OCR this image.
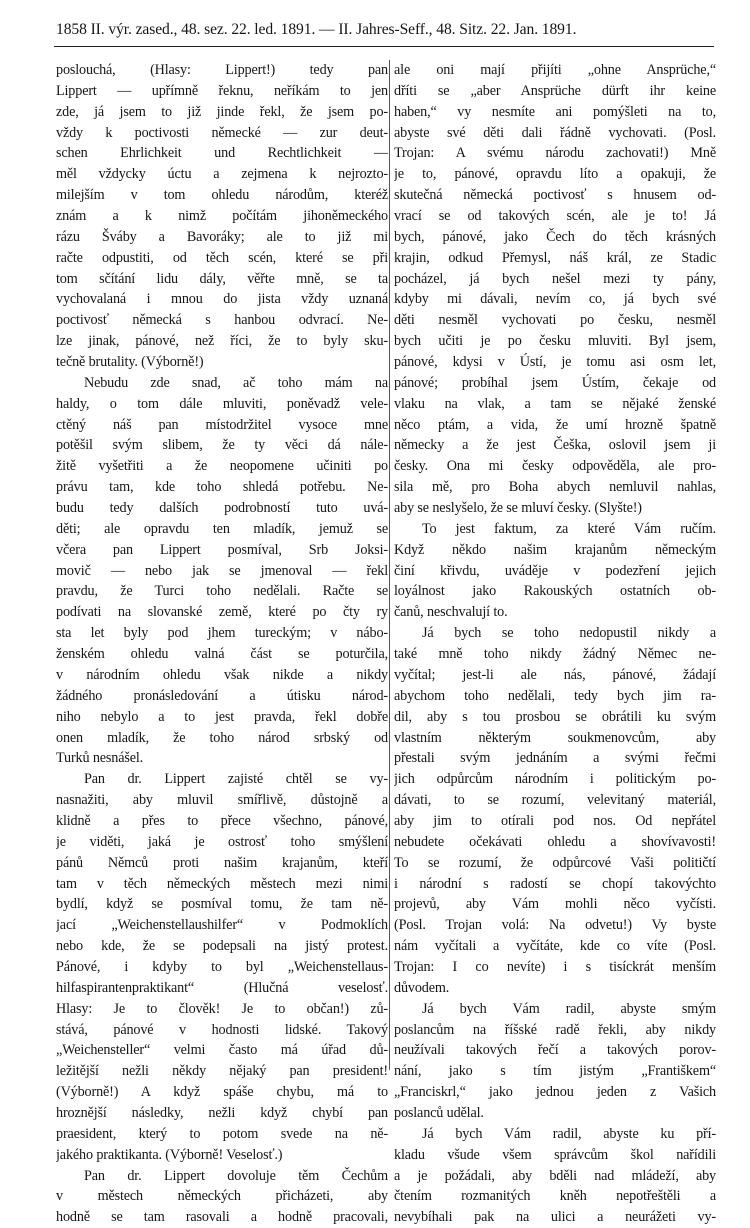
1858 II. výr. zased., 48. sez. 22. led. 1891. — II. Jahres-Seff., 48. Sitz. 22. Jan. 1891.

poslouchá, (Hlasy: Lippert!) tedy pan
Lippert — upřímně řeknu, neříkám to jen
zde, já jsem to již jinde řekl, že jsem po-
vždy k poctivosti německé — zur deut-
schen Ehrlichkeit und Rechtlichkeit —
měl vždycky úctu a zejmena k nejrozto-
milejším v tom ohledu národům, kteréž
znám a k nimž počítám jihoněmeckého
rázu Šváby a Bavoráky; ale to již mi
račte odpustiti, od těch scén, které se při
tom sčítání lidu dály, věřte mně, se ta
vychovalaná i mnou do jista vždy uznaná
poctivosť německá s hanbou odvrací. Ne-
lze jinak, pánové, než říci, že to byly sku-
tečně brutality. (Výborně!)

Nebudu zde snad, ač toho mám na
haldy, o tom dále mluviti, poněvadž vele-
ctěný náš pan místodržitel vysoce mne
potěšil svým slibem, že ty věci dá nále-
žitě vyšetřiti a že neopomene učiniti po
právu tam, kde toho shledá potřebu. Ne-
budu tedy dalších podrobností tuto uvá-
děti; ale opravdu ten mladík, jemuž se
včera pan Lippert posmíval, Srb Joksi-
movič — nebo jak se jmenoval — řekl
pravdu, že Turci toho nedělali. Račte se
podívati na slovanské země, které po čty ry
sta let byly pod jhem tureckým; v nábo-
ženském ohledu valná část se poturčila,
v národním ohledu však nikde a nikdy
žádného pronásledování a útisku národ-
niho nebylo a to jest pravda, řekl dobře
onen mladík, že toho národ srbský od
Turků nesnášel.

Pan dr. Lippert zajisté chtěl se vy-
nasnažiti, aby mluvil smířlivě, důstojně a
klidně a přes to přece všechno, pánové,
je viděti, jaká je ostrosť toho smýšlení
pánů Němců proti našim krajanům, kteří
tam v těch německých městech mezi nimi
bydlí, když se posmíval tomu, že tam ně-
jací „Weichenstellaushilfer“ v Podmoklích
nebo kde, že se podepsali na jistý protest.
Pánové, i kdyby to byl „Weichenstellaus-
hilfaspirantenpraktikant“ (Hlučná veselosť.
Hlasy: Je to člověk! Je to občan!) zů-
stává, pánové v hodnosti lidské. Takový
„Weichensteller“ velmi často má úřad dů-
ležitější nežli někdy nějaký pan president!
(Výborně!) A když spáše chybu, má to
hroznější následky, nežli když chybí pan
praesident, který to potom svede na ně-
jakého praktikanta. (Výborně! Veselosť.)

Pan dr. Lippert dovoluje těm Čechům
v městech německých přicházeti, aby
hodně se tam rasovali a hodně pracovali,

ale oni mají přijíti „ohne Ansprüche,“
dříti se „aber Ansprüche dürft ihr keine
haben,“ vy nesmíte ani pomýšleti na to,
abyste své děti dali řádně vychovati. (Posl.
Trojan: A svému národu zachovati!) Mně
je to, pánové, opravdu líto a opakuji, že
skutečná německá poctivosť s hnusem od-
vrací se od takových scén, ale je to! Já
bych, pánové, jako Čech do těch krásných
krajin, odkud Přemysl, náš král, ze Stadic
pocházel, já bych nešel mezi ty pány,
kdyby mi dávali, nevím co, já bych své
děti nesměl vychovati po česku, nesměl
bych učiti je po česku mluviti. Byl jsem,
pánové, kdysi v Ústí, je tomu asi osm let,
pánové; probíhal jsem Ústím, čekaje od
vlaku na vlak, a tam se nějaké ženské
něco ptám, a vida, že umí hrozně špatně
německy a že jest Češka, oslovil jsem ji
česky. Ona mi česky odpověděla, ale pro-
sila mě, pro Boha abych nemluvil nahlas,
aby se neslyšelo, že se mluví česky. (Slyšte!)

To jest faktum, za které Vám ručím.
Když někdo našim krajanům německým
činí křivdu, uváděje v podezření jejich
loyálnost jako Rakouských ostatních ob-
čanů, neschvalují to.

Já bych se toho nedopustil nikdy a
také mně toho nikdy žádný Němec ne-
vyčítal; jest-li ale nás, pánové, žádají
abychom toho nedělali, tedy bych jim ra-
dil, aby s tou prosbou se obrátili ku svým
vlastním některým soukmenovcům, aby
přestali svým jednáním a svými řečmi
jich odpůrcům národním i politickým po-
dávati, to se rozumí, velevitaný materiál,
aby jim to otírali pod nos. Od nepřátel
nebudete očekávati ohledu a shovívavosti!
To se rozumí, že odpůrcové Vaši političtí
i národní s radostí se chopí takovýchto
projevů, aby Vám mohli něco vyčísti.
(Posl. Trojan volá: Na odvetu!) Vy byste
nám vyčítali a vyčítáte, kde co víte (Posl.
Trojan: I co nevíte) i s tisíckrát menším
důvodem.

Já bych Vám radil, abyste smým
poslancům na říšské radě řekli, aby nikdy
neužívali takových řečí a takových porov-
nání, jako s tím jistým „Františkem“
„Franciskrl,“ jako jednou jeden z Vašich
poslanců udělal.

Já bych Vám radil, abyste ku pří-
kladu všude všem správcům škol nařídili
a je požádali, aby bděli nad mládeží, aby
čtením rozmanitých kněh nepotřeštěli a
nevybíhali pak na ulici a neurážeti vy-
